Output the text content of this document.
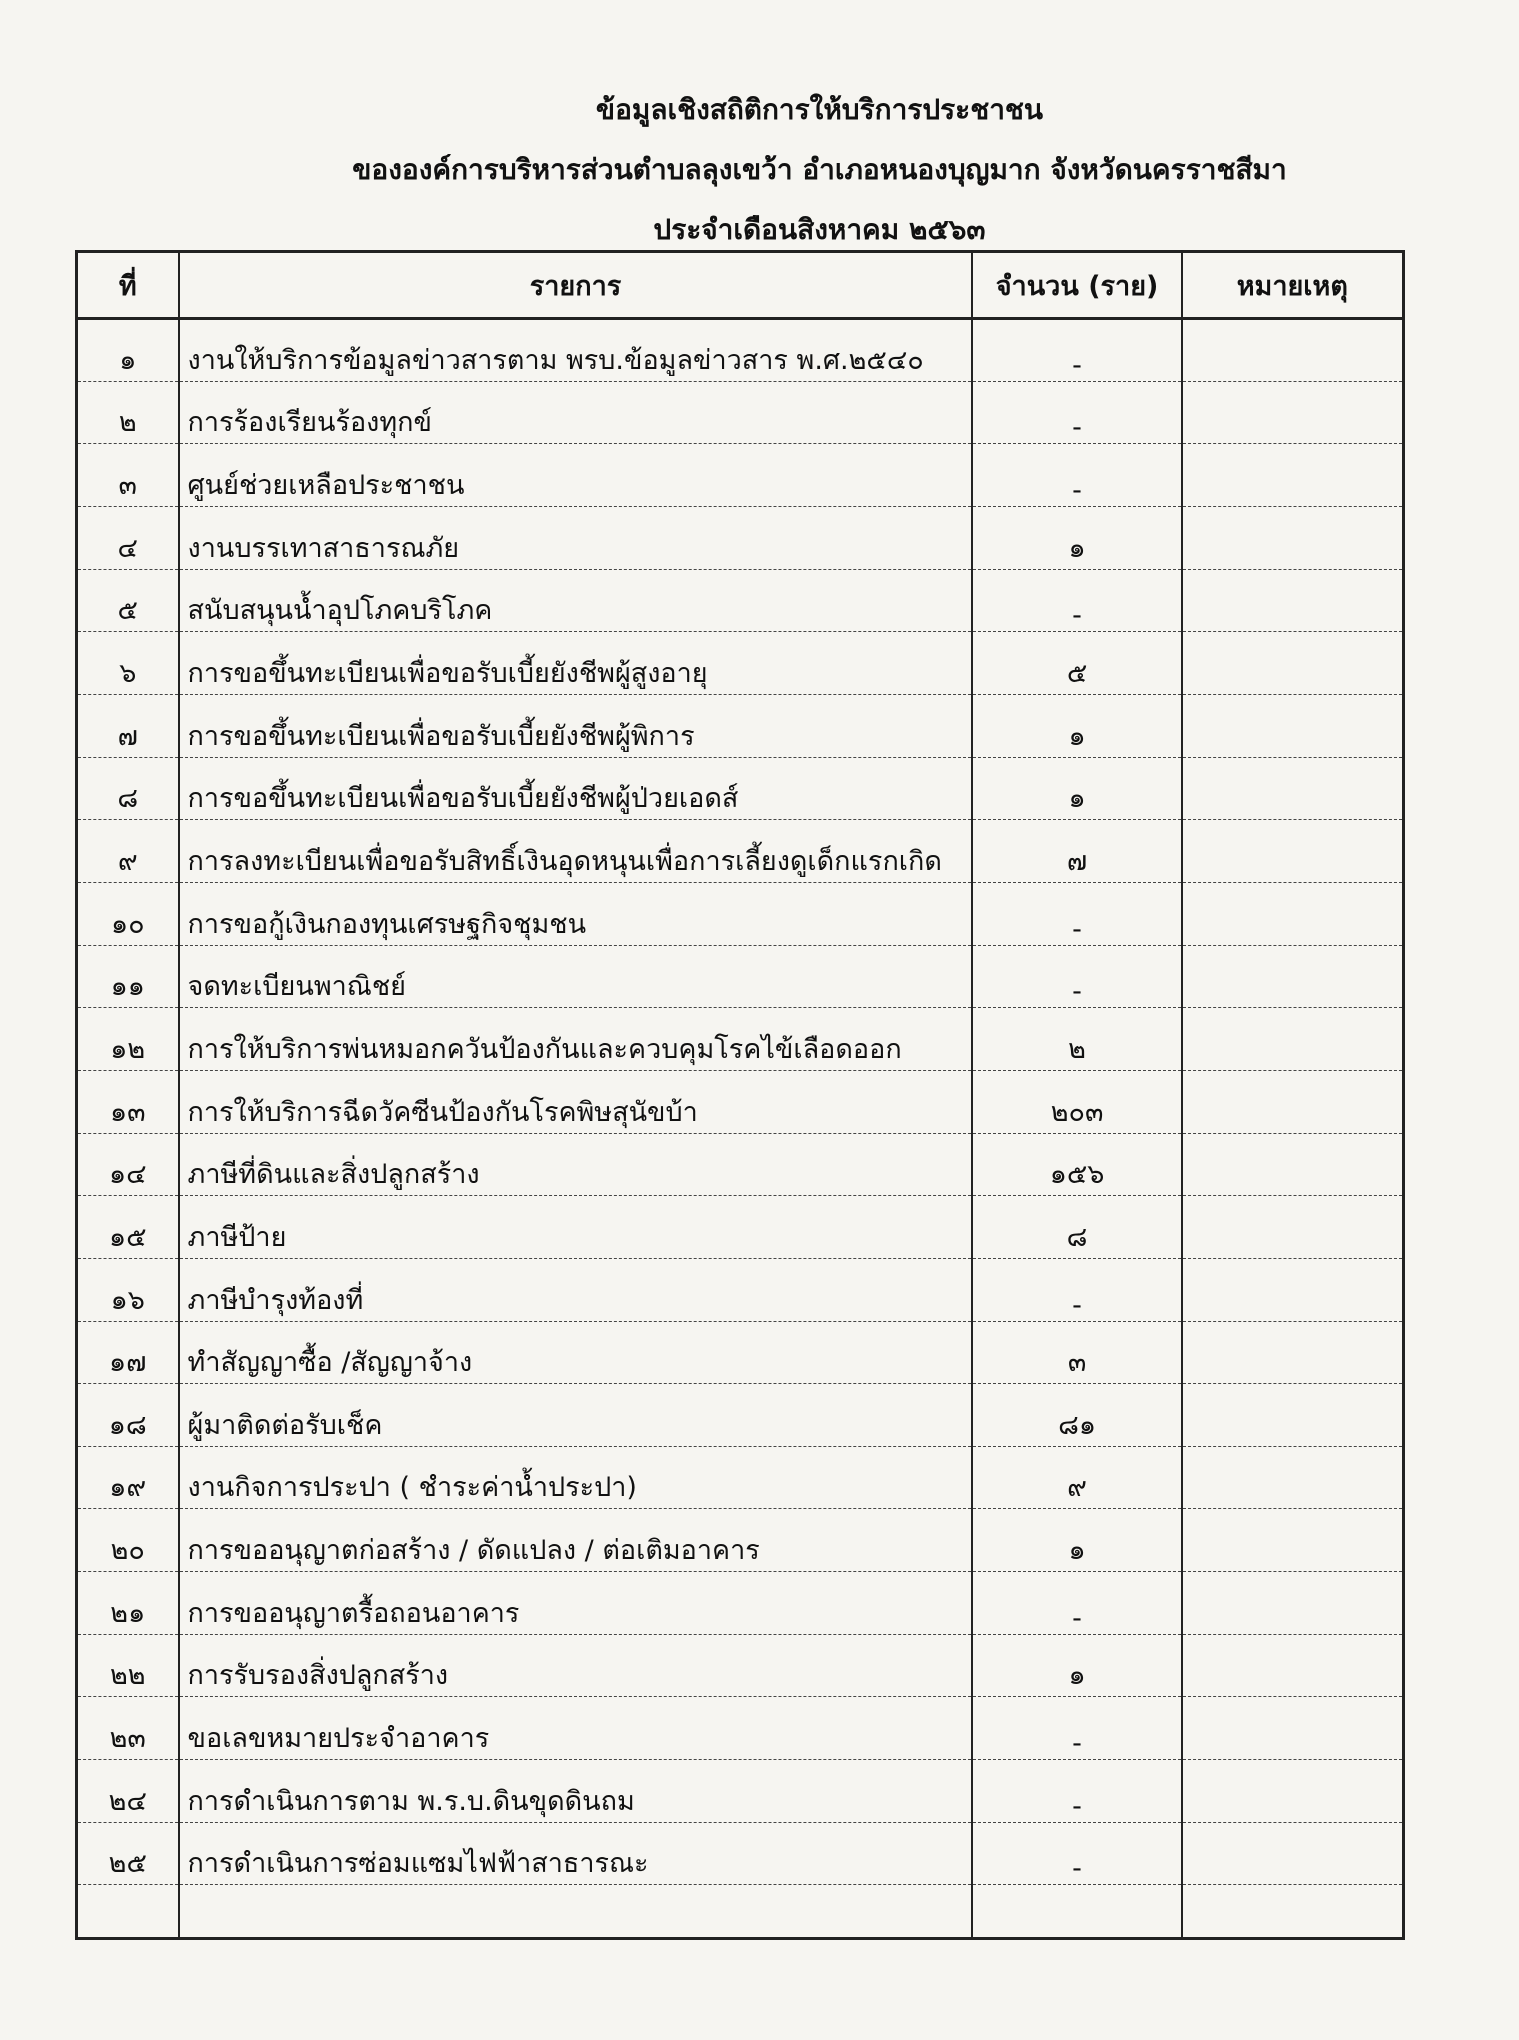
ข้อมูลเชิงสถิติการให้บริการประชาชน
ขององค์การบริหารส่วนตำบลลุงเขว้า อำเภอหนองบุญมาก จังหวัดนครราชสีมา
ประจำเดือนสิงหาคม ๒๕๖๓
ที่	รายการ	จำนวน (ราย)	หมายเหตุ
๑	งานให้บริการข้อมูลข่าวสารตาม พรบ.ข้อมูลข่าวสาร พ.ศ.๒๕๔๐	-	
๒	การร้องเรียนร้องทุกข์	-	
๓	ศูนย์ช่วยเหลือประชาชน	-	
๔	งานบรรเทาสาธารณภัย	๑	
๕	สนับสนุนน้ำอุปโภคบริโภค	-	
๖	การขอขึ้นทะเบียนเพื่อขอรับเบี้ยยังชีพผู้สูงอายุ	๕	
๗	การขอขึ้นทะเบียนเพื่อขอรับเบี้ยยังชีพผู้พิการ	๑	
๘	การขอขึ้นทะเบียนเพื่อขอรับเบี้ยยังชีพผู้ป่วยเอดส์	๑	
๙	การลงทะเบียนเพื่อขอรับสิทธิ์เงินอุดหนุนเพื่อการเลี้ยงดูเด็กแรกเกิด	๗	
๑๐	การขอกู้เงินกองทุนเศรษฐกิจชุมชน	-	
๑๑	จดทะเบียนพาณิชย์	-	
๑๒	การให้บริการพ่นหมอกควันป้องกันและควบคุมโรคไข้เลือดออก	๒	
๑๓	การให้บริการฉีดวัคซีนป้องกันโรคพิษสุนัขบ้า	๒๐๓	
๑๔	ภาษีที่ดินและสิ่งปลูกสร้าง	๑๕๖	
๑๕	ภาษีป้าย	๘	
๑๖	ภาษีบำรุงท้องที่	-	
๑๗	ทำสัญญาซื้อ /สัญญาจ้าง	๓	
๑๘	ผู้มาติดต่อรับเช็ค	๘๑	
๑๙	งานกิจการประปา ( ชำระค่าน้ำประปา)	๙	
๒๐	การขออนุญาตก่อสร้าง / ดัดแปลง / ต่อเติมอาคาร	๑	
๒๑	การขออนุญาตรื้อถอนอาคาร	-	
๒๒	การรับรองสิ่งปลูกสร้าง	๑	
๒๓	ขอเลขหมายประจำอาคาร	-	
๒๔	การดำเนินการตาม พ.ร.บ.ดินขุดดินถม	-	
๒๕	การดำเนินการซ่อมแซมไฟฟ้าสาธารณะ	-	
